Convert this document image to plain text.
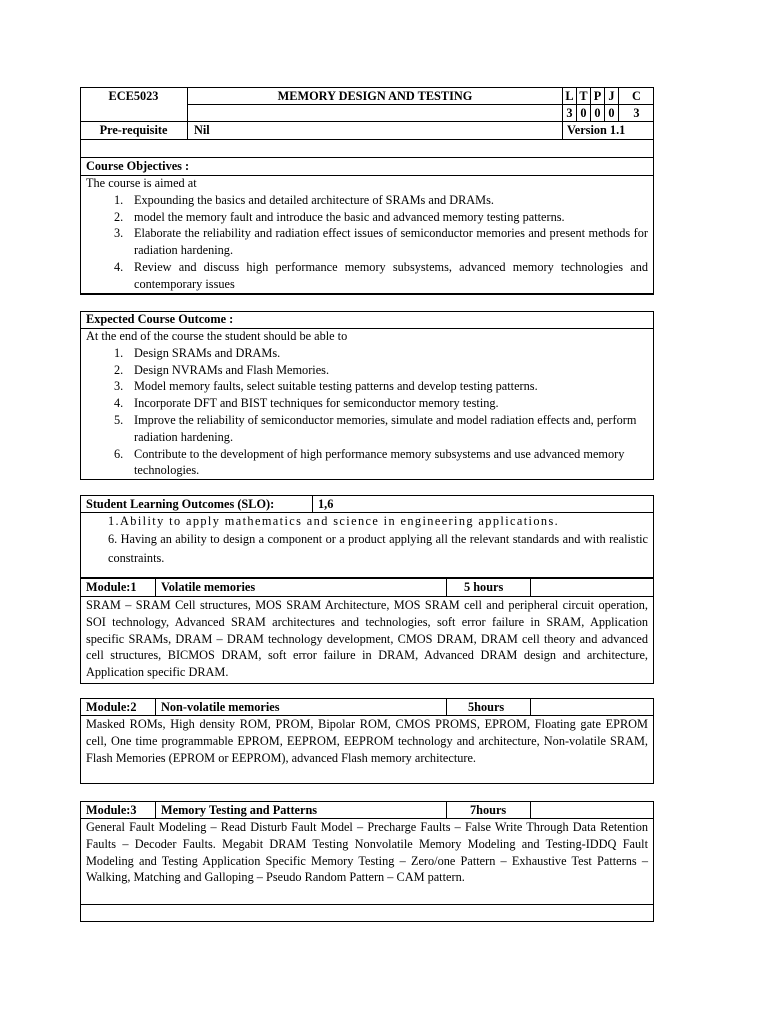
ECE5023	MEMORY DESIGN AND TESTING	L T P J	C
3 0 0 0	3
Pre-requisite	Nil	Version 1.1
Course Objectives :
The course is aimed at
1. Expounding the basics and detailed architecture of SRAMs and DRAMs.
2. model the memory fault and introduce the basic and advanced memory testing patterns.
3. Elaborate the reliability and radiation effect issues of semiconductor memories and present methods for radiation hardening.
4. Review and discuss high performance memory subsystems, advanced memory technologies and contemporary issues
Expected Course Outcome :
At the end of the course the student should be able to
1. Design SRAMs and DRAMs.
2. Design NVRAMs and Flash Memories.
3. Model memory faults, select suitable testing patterns and develop testing patterns.
4. Incorporate DFT and BIST techniques for semiconductor memory testing.
5. Improve the reliability of semiconductor memories, simulate and model radiation effects and, perform radiation hardening.
6. Contribute to the development of high performance memory subsystems and use advanced memory technologies.
Student Learning Outcomes (SLO):	1,6
1.Ability to apply mathematics and science in engineering applications.
6. Having an ability to design a component or a product applying all the relevant standards and with realistic constraints.
Module:1 Volatile memories	5 hours
SRAM – SRAM Cell structures, MOS SRAM Architecture, MOS SRAM cell and peripheral circuit operation, SOI technology, Advanced SRAM architectures and technologies, soft error failure in SRAM, Application specific SRAMs, DRAM – DRAM technology development, CMOS DRAM, DRAM cell theory and advanced cell structures, BICMOS DRAM, soft error failure in DRAM, Advanced DRAM design and architecture, Application specific DRAM.
Module:2 Non-volatile memories	5hours
Masked ROMs, High density ROM, PROM, Bipolar ROM, CMOS PROMS, EPROM, Floating gate EPROM cell, One time programmable EPROM, EEPROM, EEPROM technology and architecture, Non-volatile SRAM, Flash Memories (EPROM or EEPROM), advanced Flash memory architecture.
Module:3 Memory Testing and Patterns	7hours
General Fault Modeling – Read Disturb Fault Model – Precharge Faults – False Write Through Data Retention Faults – Decoder Faults. Megabit DRAM Testing Nonvolatile Memory Modeling and Testing-IDDQ Fault Modeling and Testing Application Specific Memory Testing – Zero/one Pattern – Exhaustive Test Patterns – Walking, Matching and Galloping – Pseudo Random Pattern – CAM pattern.
